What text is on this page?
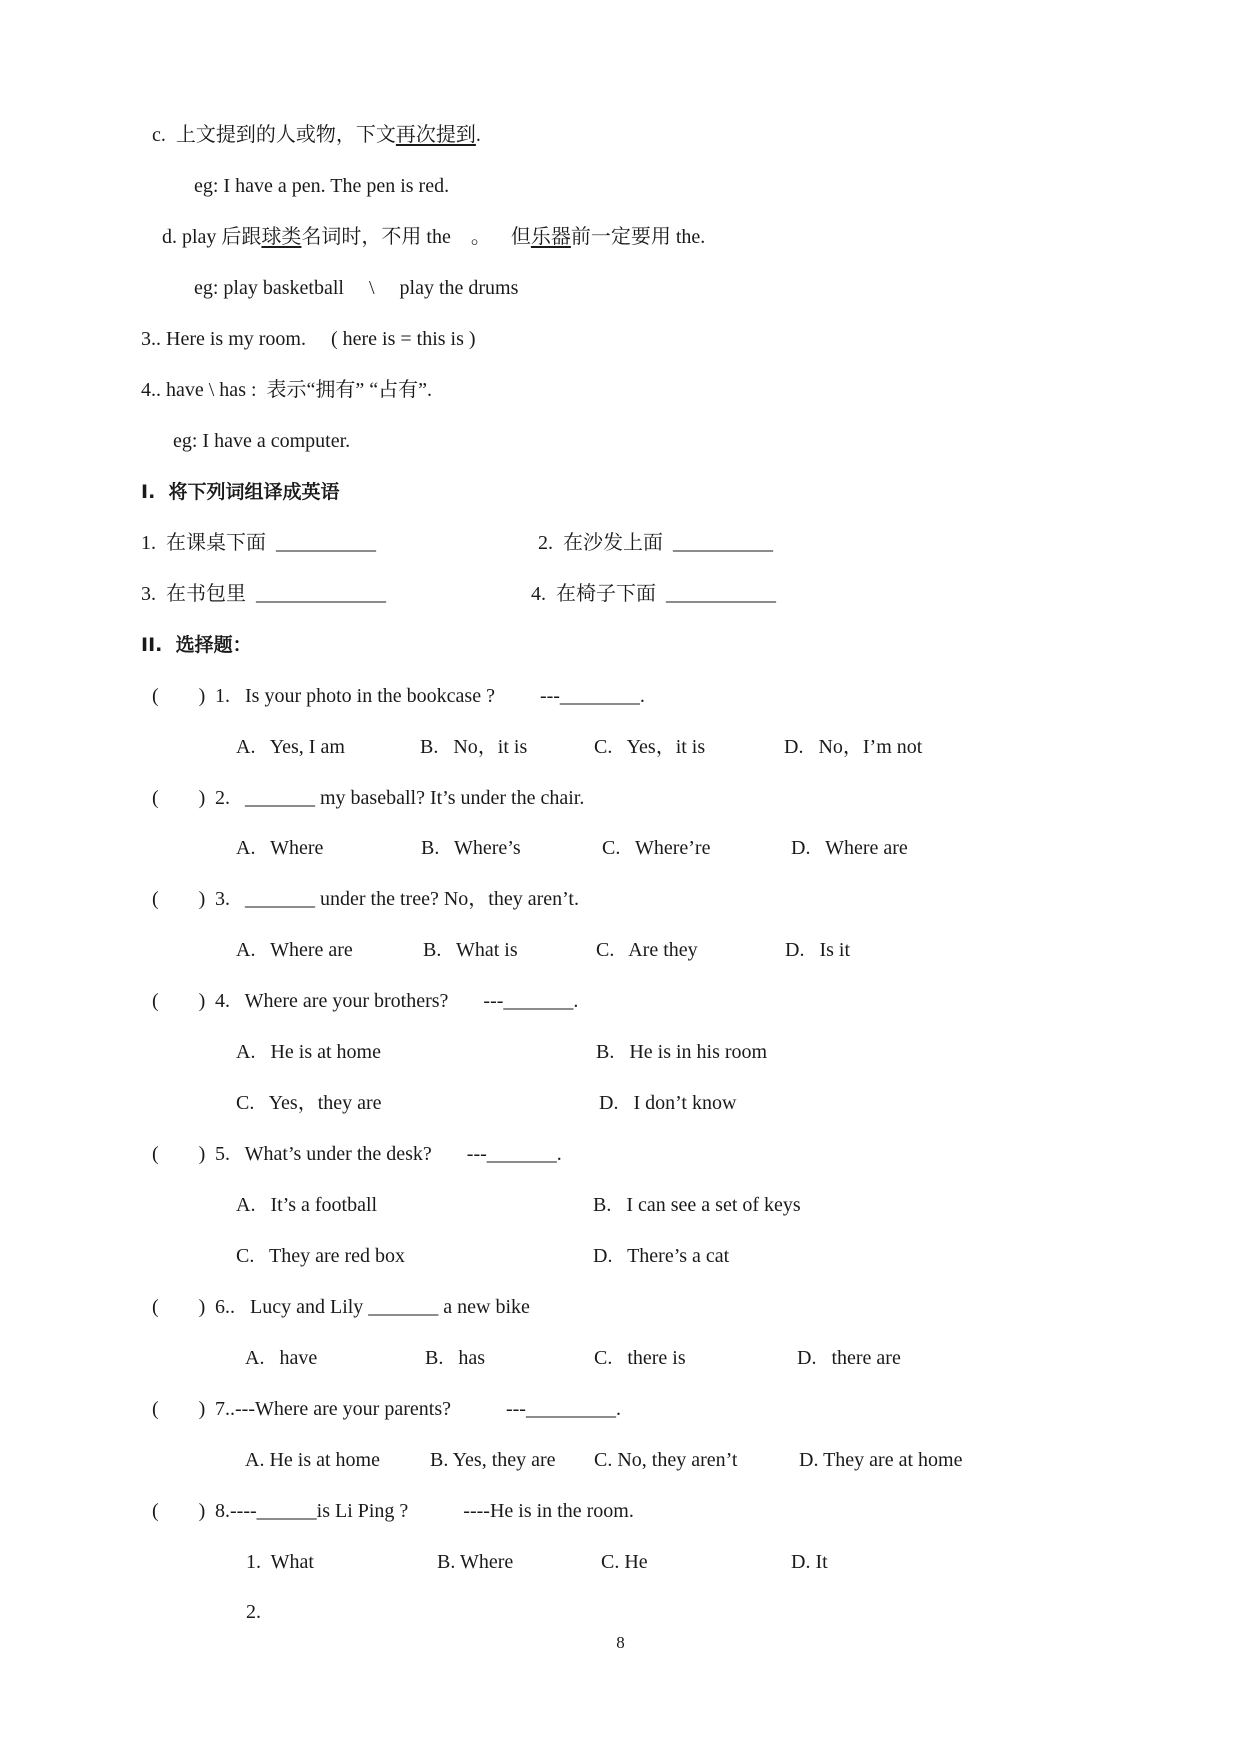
c.  上文提到的人或物，下文再次提到.
eg: I have a pen. The pen is red.
d. play 后跟球类名词时，不用 the    。    但乐器前一定要用 the.
eg: play basketball     \     play the drums
3.. Here is my room.     ( here is = this is )
4.. have \ has :  表示“拥有” “占有”.
eg: I have a computer.
I.  将下列词组译成英语
1.  在课桌下面  __________	2.  在沙发上面  __________
3.  在书包里  _____________	4.  在椅子下面  ___________
II.  选择题：
(        ) 1.   Is your photo in the bookcase ?         ---________.
A.   Yes, I am	B.   No，it is	C.   Yes，it is	D.   No，I’m not
(        ) 2.   _______ my baseball? It’s under the chair.
A.   Where	B.   Where’s	C.   Where’re	D.   Where are
(        ) 3.   _______ under the tree? No，they aren’t.
A.   Where are	B.   What is	C.   Are they	D.   Is it
(        ) 4.   Where are your brothers?       ---_______.
A.   He is at home	B.   He is in his room
C.   Yes，they are	D.   I don’t know
(        ) 5.   What’s under the desk?       ---_______.
A.   It’s a football	B.   I can see a set of keys
C.   They are red box	D.   There’s a cat
(        ) 6..   Lucy and Lily _______ a new bike
A.   have	B.   has	C.   there is	D.   there are
(        ) 7..---Where are your parents?           ---_________.
A. He is at home	B. Yes, they are C. No, they aren’t	D. They are at home
(        ) 8.----______is Li Ping ?           ----He is in the room.
1.  What	B. Where	C. He	D. It
2.
8
